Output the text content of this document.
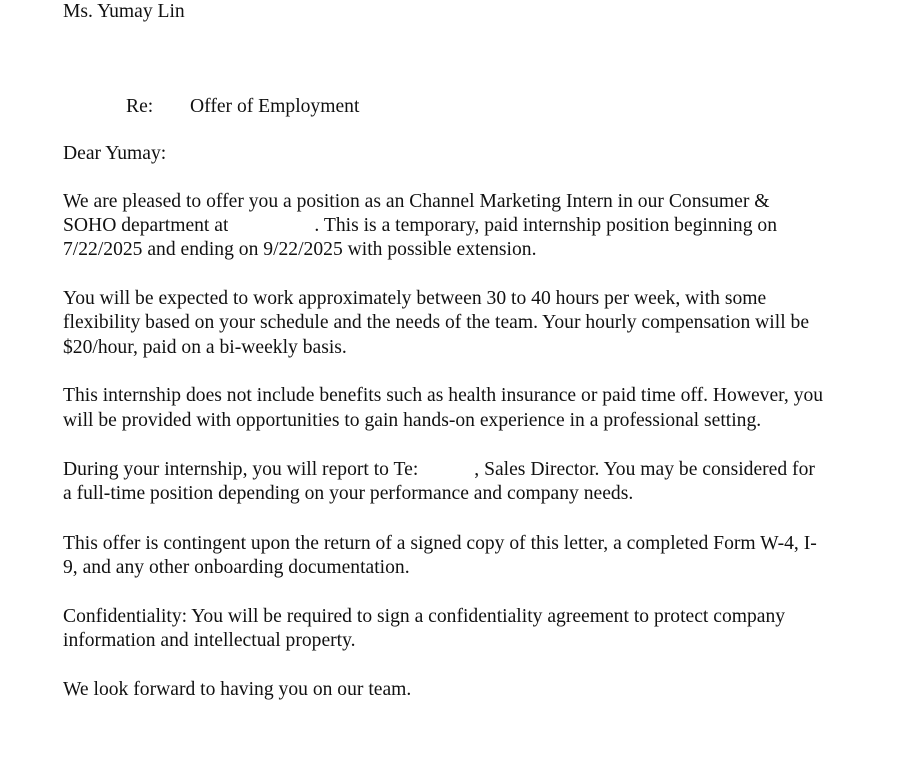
Ms. Yumay Lin

Re: Offer of Employment

Dear Yumay:

We are pleased to offer you a position as an Channel Marketing Intern in our Consumer &

SOHO department at	. This is a temporary, paid internship position beginning on

7/22/2025 and ending on 9/22/2025 with possible extension.

You will be expected to work approximately between 30 to 40 hours per week, with some

flexibility based on your schedule and the needs of the team. Your hourly compensation will be

$20/hour, paid on a bi-weekly basis.

This internship does not include benefits such as health insurance or paid time off. However, you

will be provided with opportunities to gain hands-on experience in a professional setting.

During your internship, you will report to Te:	, Sales Director. You may be considered for

a full-time position depending on your performance and company needs.

This offer is contingent upon the return of a signed copy of this letter, a completed Form W-4, I-

9, and any other onboarding documentation.

Confidentiality: You will be required to sign a confidentiality agreement to protect company

information and intellectual property.

We look forward to having you on our team.
